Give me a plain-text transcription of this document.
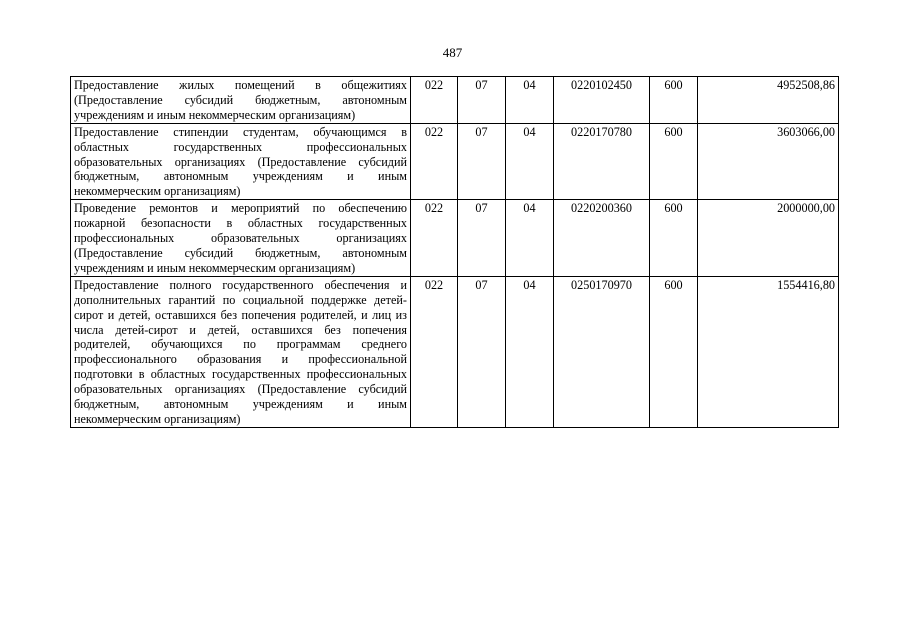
487
Предоставление жилых помещений в общежитиях (Предоставление субсидий бюджетным, автономным учреждениям и иным некоммерческим организациям)	022	07	04	0220102450	600	4952508,86
Предоставление стипендии студентам, обучающимся в областных государственных профессиональных образовательных организациях (Предоставление субсидий бюджетным, автономным учреждениям и иным некоммерческим организациям)	022	07	04	0220170780	600	3603066,00
Проведение ремонтов и мероприятий по обеспечению пожарной безопасности в областных государственных профессиональных образовательных организациях (Предоставление субсидий бюджетным, автономным учреждениям и иным некоммерческим организациям)	022	07	04	0220200360	600	2000000,00
Предоставление полного государственного обеспечения и дополнительных гарантий по социальной поддержке детей-сирот и детей, оставшихся без попечения родителей, и лиц из числа детей-сирот и детей, оставшихся без попечения родителей, обучающихся по программам среднего профессионального образования и профессиональной подготовки в областных государственных профессиональных образовательных организациях (Предоставление субсидий бюджетным, автономным учреждениям и иным некоммерческим организациям)	022	07	04	0250170970	600	1554416,80
